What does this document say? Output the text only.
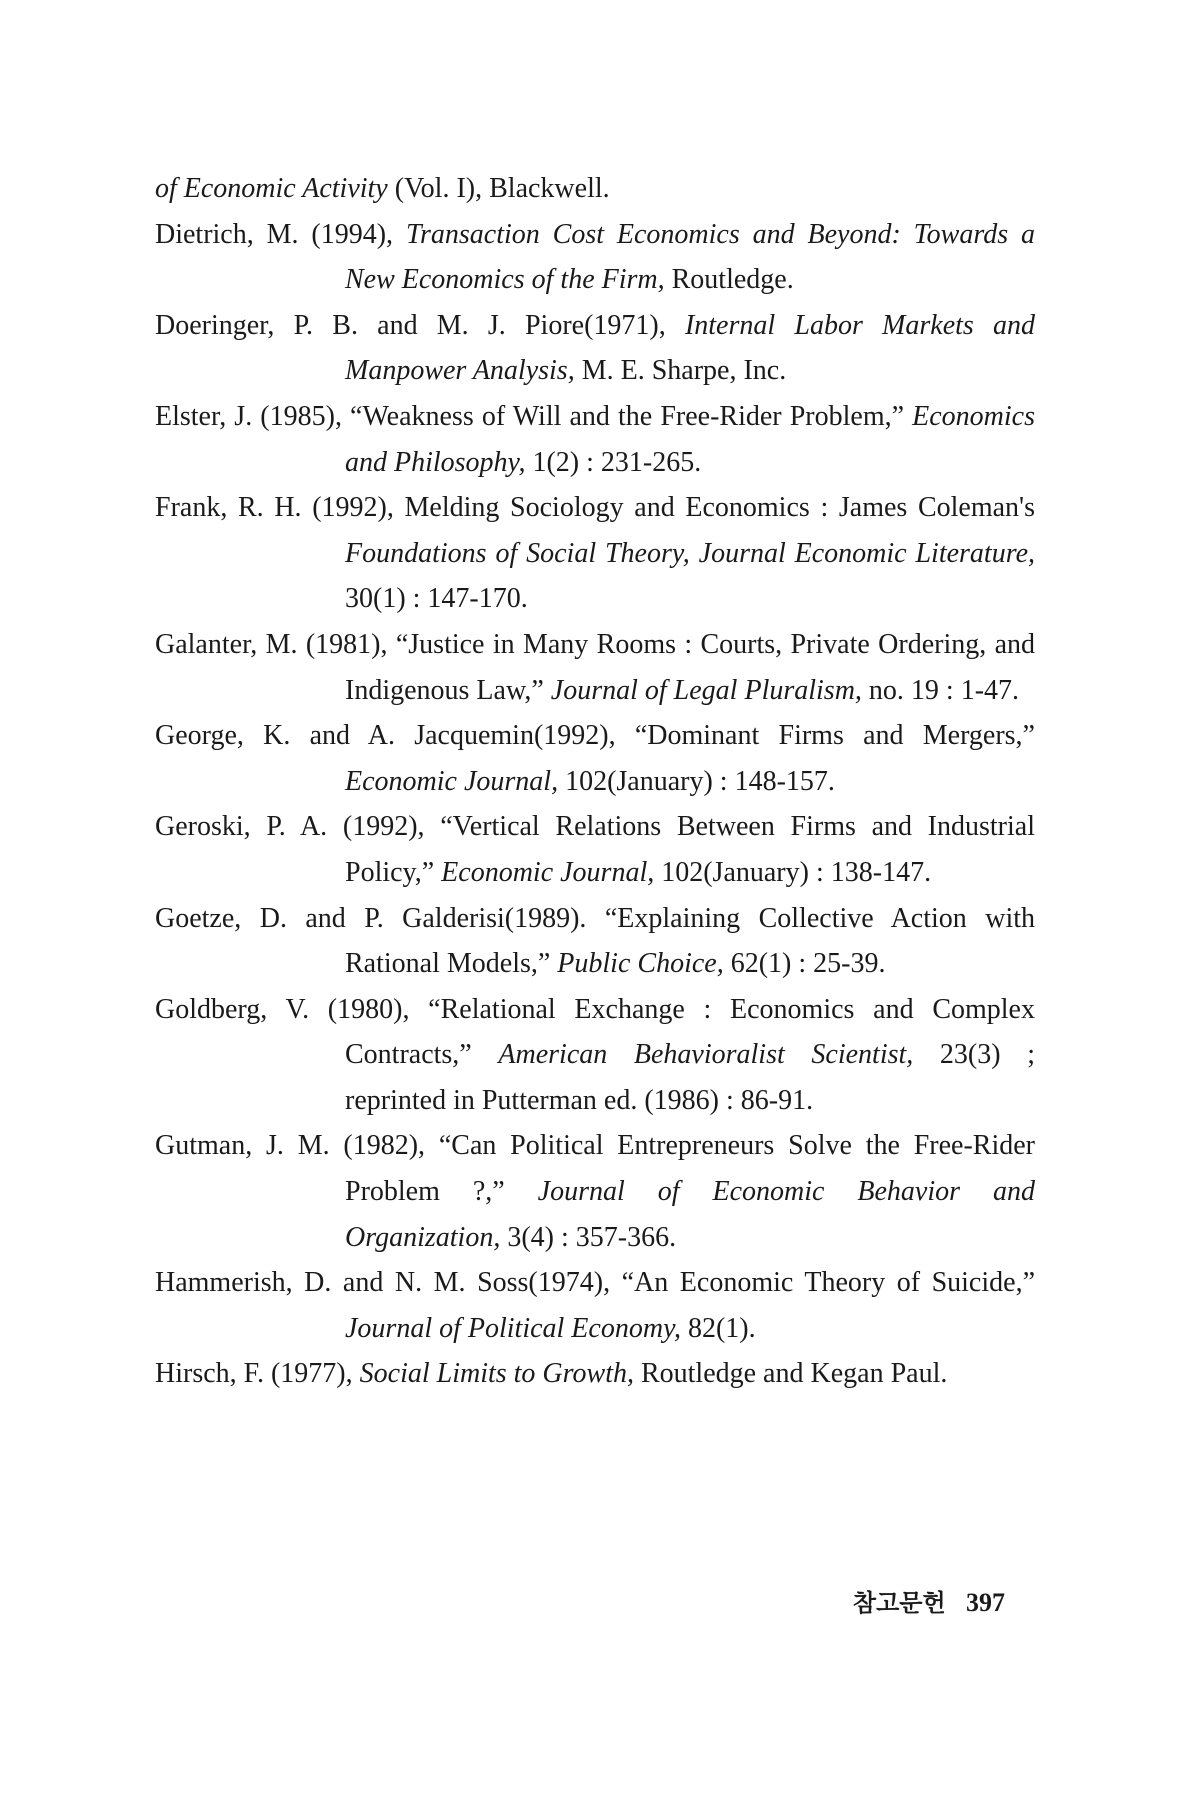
of Economic Activity (Vol. I), Blackwell.

Dietrich, M. (1994), Transaction Cost Economics and Beyond: Towards a New Economics of the Firm, Routledge.

Doeringer, P. B. and M. J. Piore(1971), Internal Labor Markets and Manpower Analysis, M. E. Sharpe, Inc.

Elster, J. (1985), “Weakness of Will and the Free-Rider Problem,” Economics and Philosophy, 1(2) : 231-265.

Frank, R. H. (1992), Melding Sociology and Economics : James Coleman's Foundations of Social Theory, Journal Economic Literature, 30(1) : 147-170.

Galanter, M. (1981), “Justice in Many Rooms : Courts, Private Ordering, and Indigenous Law,” Journal of Legal Pluralism, no. 19 : 1-47.

George, K. and A. Jacquemin(1992), “Dominant Firms and Mergers,” Economic Journal, 102(January) : 148-157.

Geroski, P. A. (1992), “Vertical Relations Between Firms and Industrial Policy,” Economic Journal, 102(January) : 138-147.

Goetze, D. and P. Galderisi(1989). “Explaining Collective Action with Rational Models,” Public Choice, 62(1) : 25-39.

Goldberg, V. (1980), “Relational Exchange : Economics and Complex Contracts,” American Behavioralist Scientist, 23(3) ; reprinted in Putterman ed. (1986) : 86-91.

Gutman, J. M. (1982), “Can Political Entrepreneurs Solve the Free-Rider Problem ?,” Journal of Economic Behavior and Organization, 3(4) : 357-366.

Hammerish, D. and N. M. Soss(1974), “An Economic Theory of Suicide,” Journal of Political Economy, 82(1).

Hirsch, F. (1977), Social Limits to Growth, Routledge and Kegan Paul.

참고문헌 397
